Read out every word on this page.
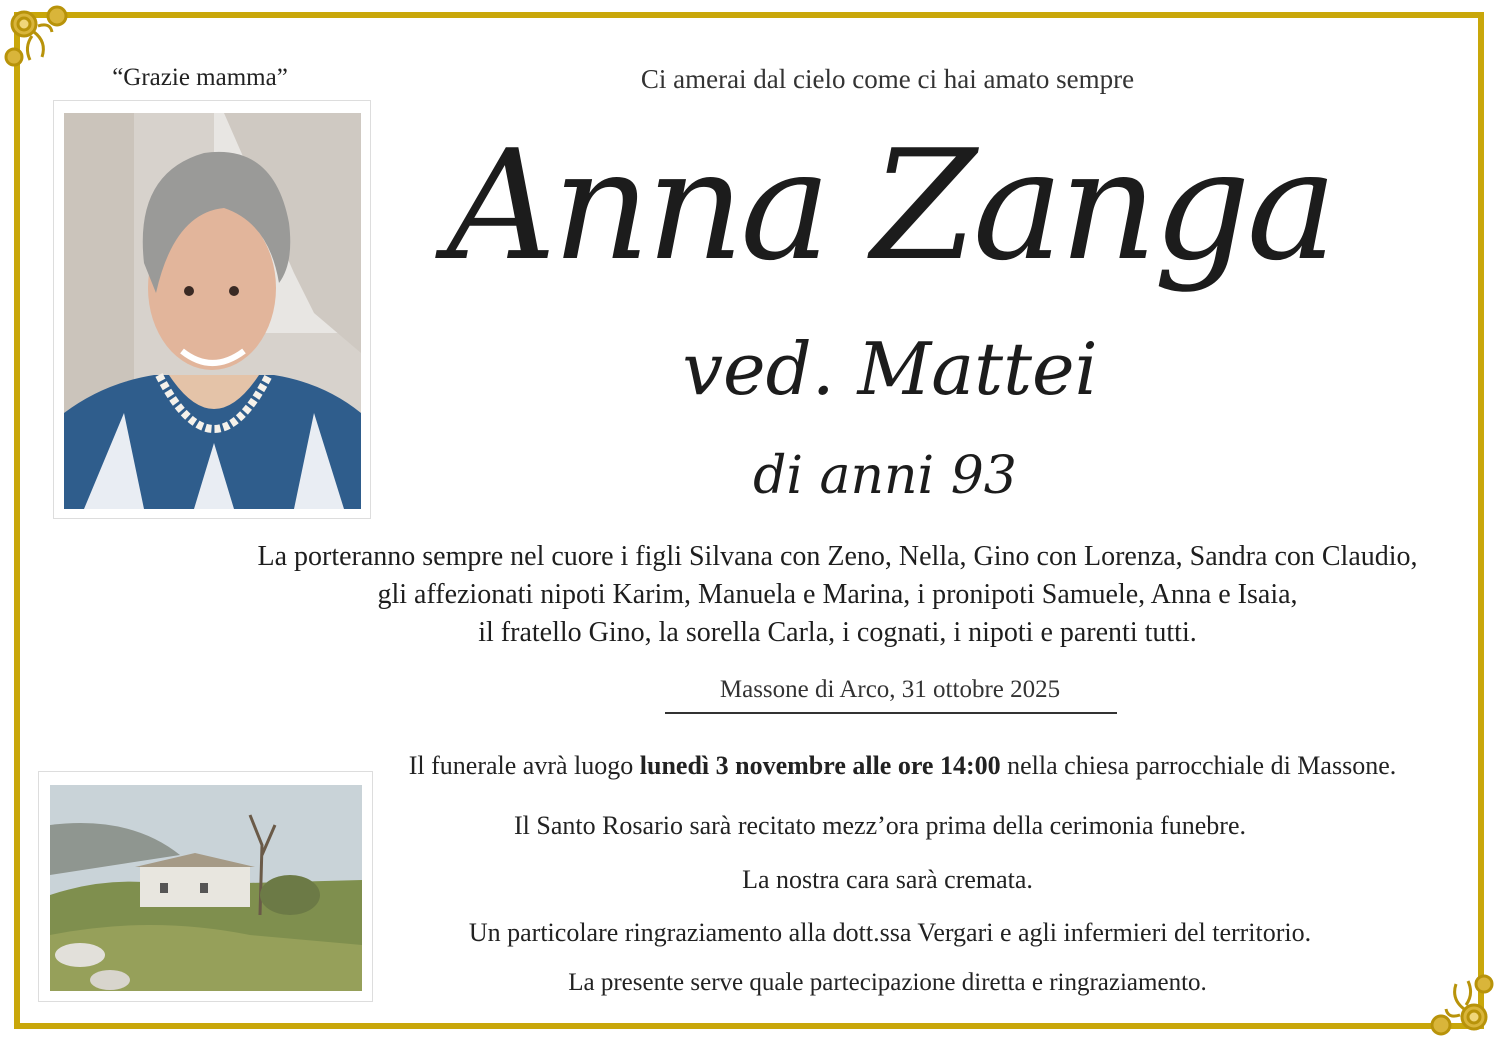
“Grazie mamma”	Ci amerai dal cielo come ci hai amato sempre
Anna Zanga
ved. Mattei
di anni 93
La porteranno sempre nel cuore i figli Silvana con Zeno, Nella, Gino con Lorenza, Sandra con Claudio,
gli affezionati nipoti Karim, Manuela e Marina, i pronipoti Samuele, Anna e Isaia,
il fratello Gino, la sorella Carla, i cognati, i nipoti e parenti tutti.
Massone di Arco, 31 ottobre 2025
Il funerale avrà luogo lunedì 3 novembre alle ore 14:00 nella chiesa parrocchiale di Massone.
Il Santo Rosario sarà recitato mezz’ora prima della cerimonia funebre.
La nostra cara sarà cremata.
Un particolare ringraziamento alla dott.ssa Vergari e agli infermieri del territorio.
La presente serve quale partecipazione diretta e ringraziamento.
